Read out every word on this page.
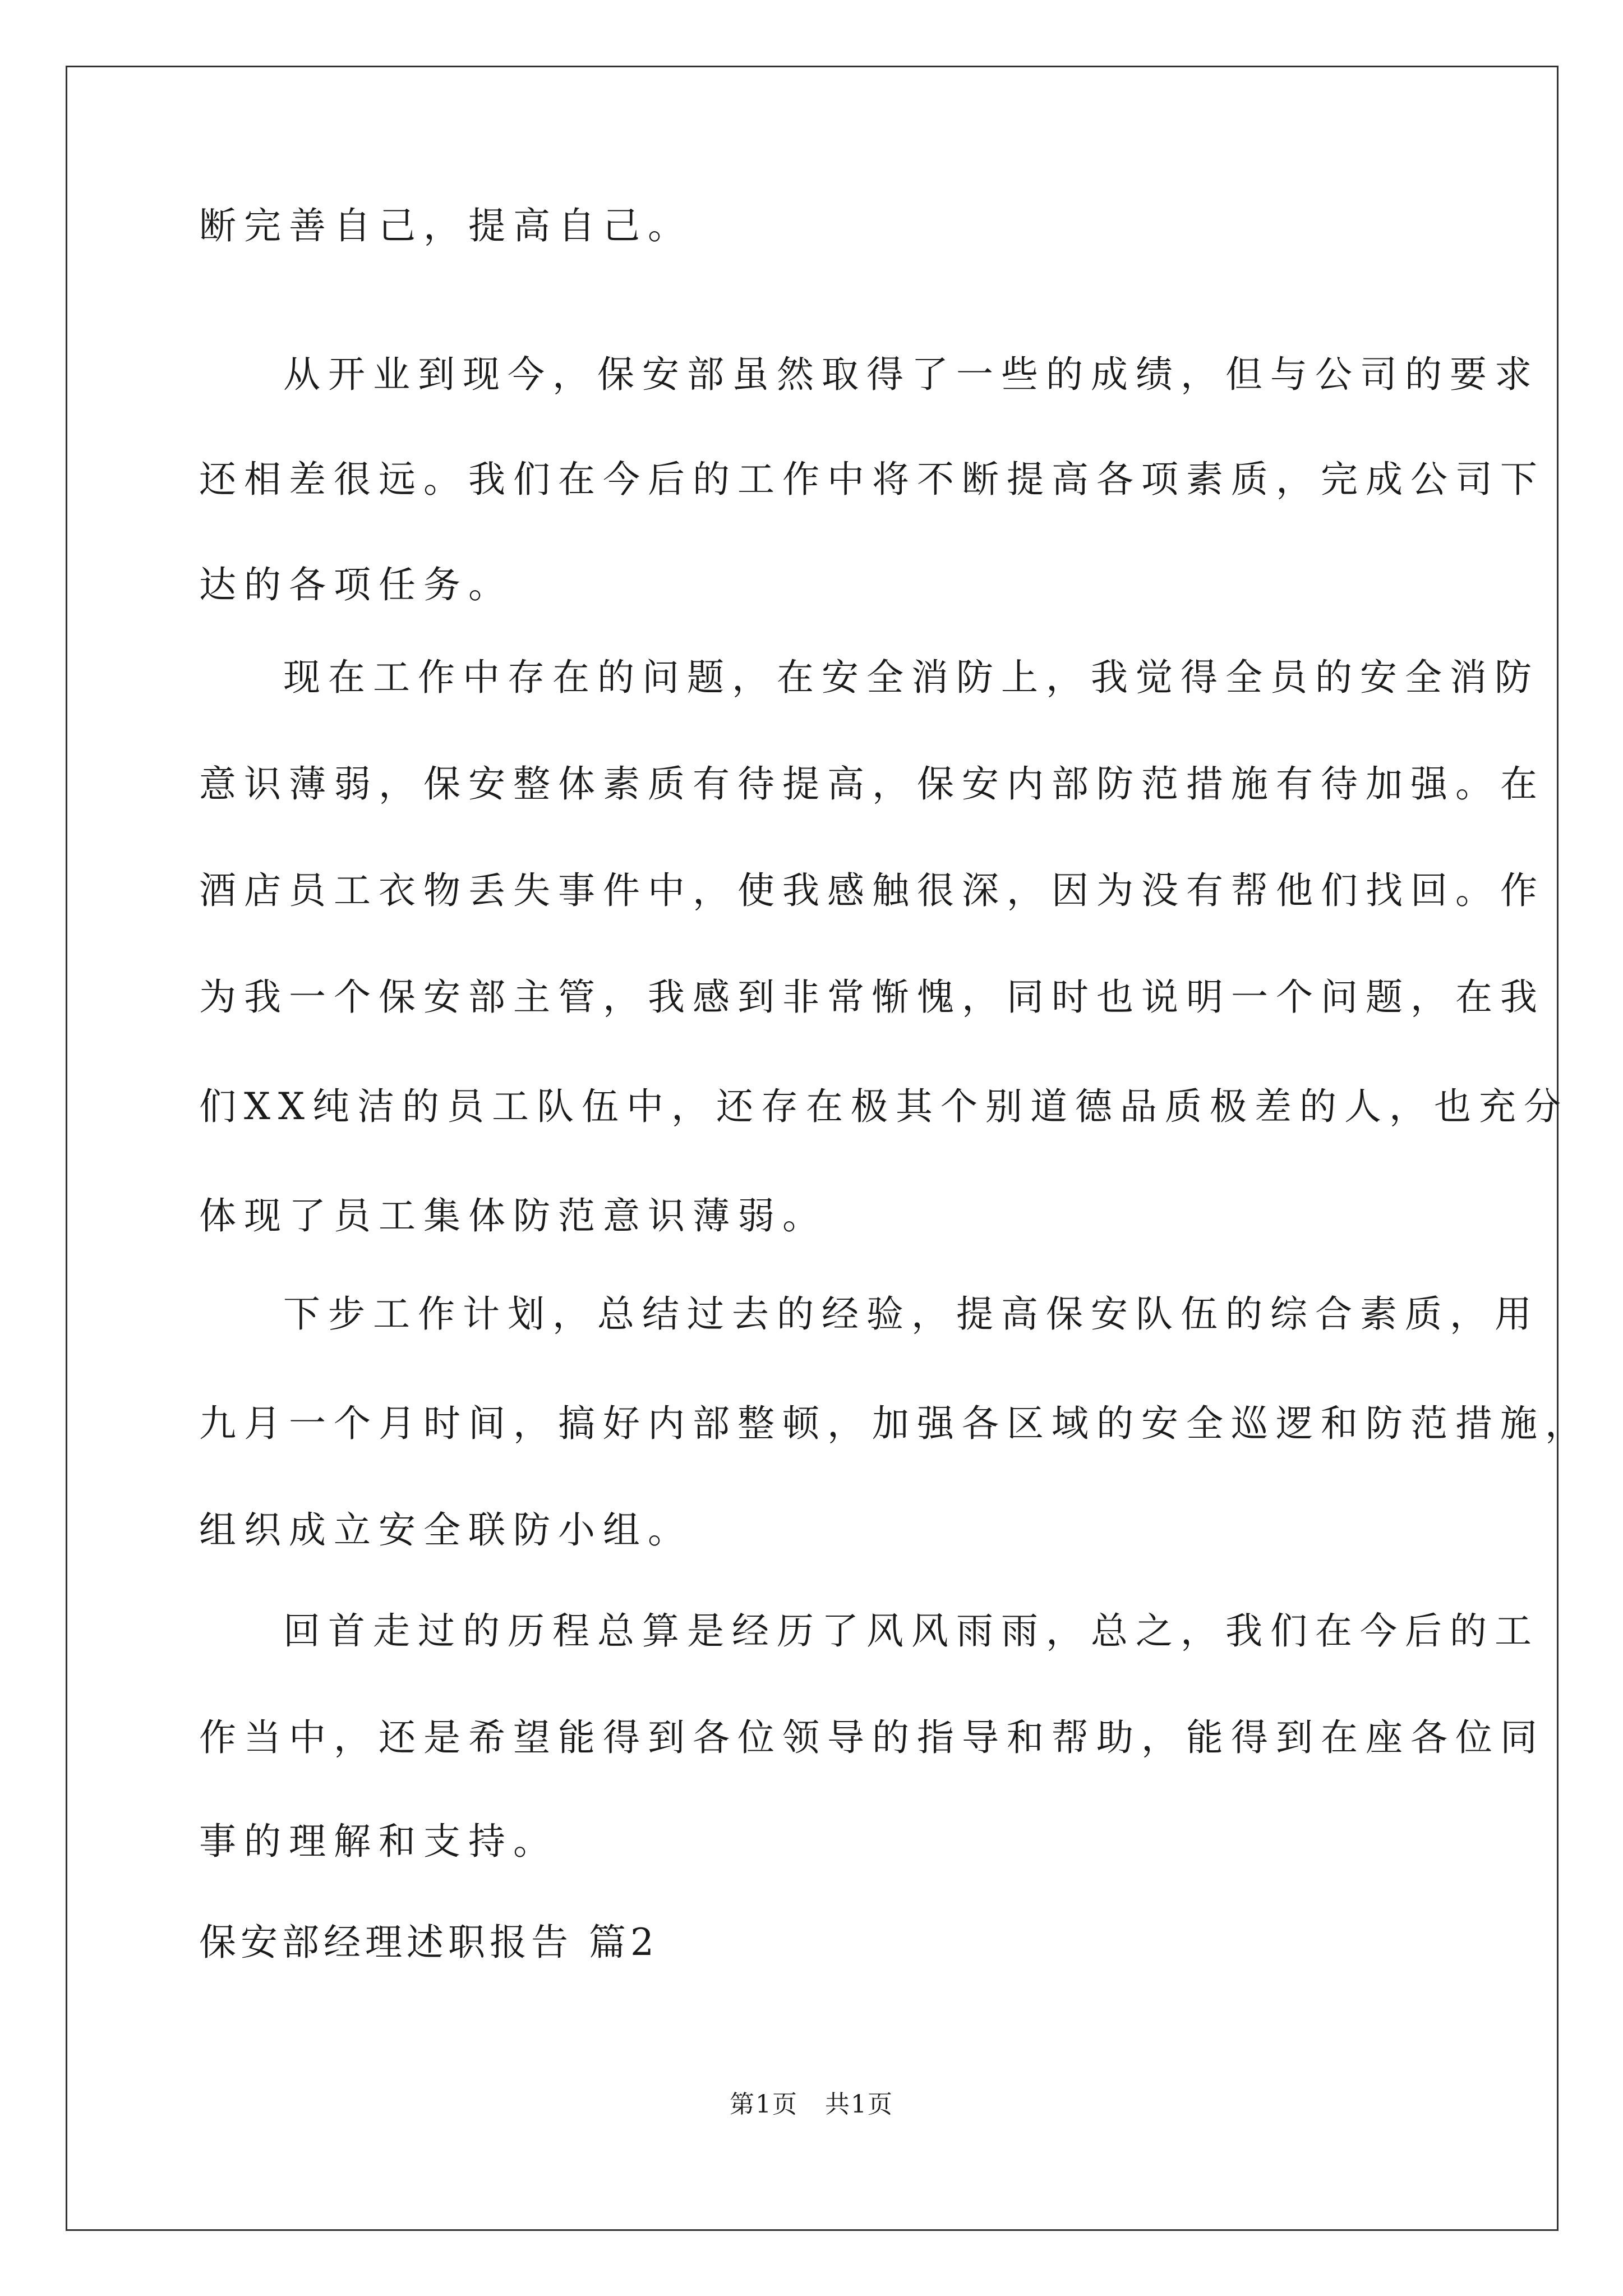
断完善自己，提高自己。

从开业到现今，保安部虽然取得了一些的成绩，但与公司的要求

还相差很远。我们在今后的工作中将不断提高各项素质，完成公司下

达的各项任务。

现在工作中存在的问题，在安全消防上，我觉得全员的安全消防

意识薄弱，保安整体素质有待提高，保安内部防范措施有待加强。在

酒店员工衣物丢失事件中，使我感触很深，因为没有帮他们找回。作

为我一个保安部主管，我感到非常惭愧，同时也说明一个问题，在我

们XX纯洁的员工队伍中，还存在极其个别道德品质极差的人，也充分

体现了员工集体防范意识薄弱。

下步工作计划，总结过去的经验，提高保安队伍的综合素质，用

九月一个月时间，搞好内部整顿，加强各区域的安全巡逻和防范措施，

组织成立安全联防小组。

回首走过的历程总算是经历了风风雨雨，总之，我们在今后的工

作当中，还是希望能得到各位领导的指导和帮助，能得到在座各位同

事的理解和支持。

保安部经理述职报告 篇2

第1页   共1页
